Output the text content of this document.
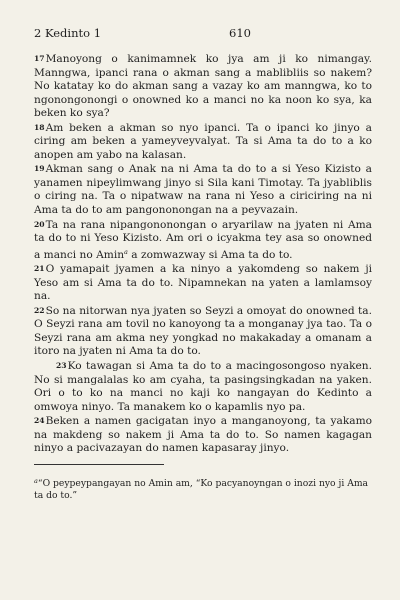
2 Kedinto 1	610

17Manoyong o kanimamnek ko jya am ji ko nimangay. Manngwa, ipanci rana o akman sang a mablibliis so nakem? No katatay ko do akman sang a vazay ko am manngwa, ko to ngonongonongi o onowned ko a manci no ka noon ko sya, ka beken ko sya?

18Am beken a akman so nyo ipanci. Ta o ipanci ko jinyo a ciring am beken a yameyveyvalyat. Ta si Ama ta do to a ko anopen am yabo na kalasan.

19Akman sang o Anak na ni Ama ta do to a si Yeso Kizisto a yanamen nipeylimwang jinyo si Sila kani Timotay. Ta jyabliblis o ciring na. Ta o nipatwaw na rana ni Yeso a ciriciring na ni Ama ta do to am pangononongan na a peyvazain.

20Ta na rana nipangononongan o aryarilaw na jyaten ni Ama ta do to ni Yeso Kizisto. Am ori o icyakma tey asa so onowned a manci no Amin$^a$ a zomwazway si Ama ta do to.

21O yamapait jyamen a ka ninyo a yakomdeng so nakem ji Yeso am si Ama ta do to. Nipamnekan na yaten a lamlamsoy na.

22So na nitorwan nya jyaten so Seyzi a omoyat do onowned ta. O Seyzi rana am tovil no kanoyong ta a monganay jya tao. Ta o Seyzi rana am akma ney yongkad no makakaday a omanam a itoro na jyaten ni Ama ta do to.

23Ko tawagan si Ama ta do to a macingosongoso nyaken. No si mangalalas ko am cyaha, ta pasingsingkadan na yaken. Ori o to ko na manci no kaji ko nangayan do Kedinto a omwoya ninyo. Ta manakem ko o kapamlis nyo pa.

24Beken a namen gacigatan inyo a manganoyong, ta yakamo na makdeng so nakem ji Ama ta do to. So namen kagagan ninyo a pacivazayan do namen kapasaray jinyo.

$^a$“O peypeypangayan no Amin am, “Ko pacyanoyngan o inozi nyo ji Ama ta do to.”
